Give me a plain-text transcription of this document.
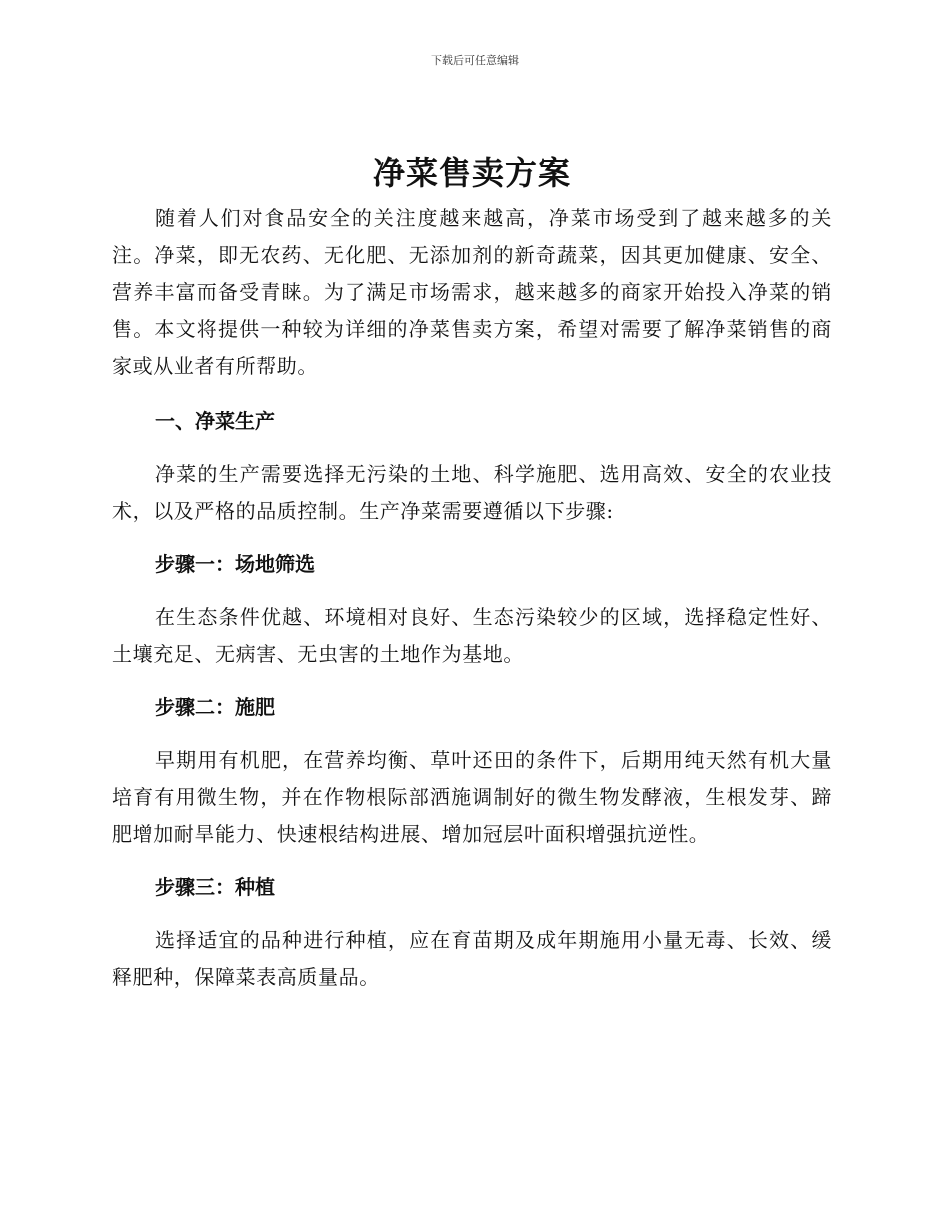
下载后可任意编辑
净菜售卖方案

随着人们对食品安全的关注度越来越高，净菜市场受到了越来越多的关注。净菜，即无农药、无化肥、无添加剂的新奇蔬菜，因其更加健康、安全、营养丰富而备受青睐。为了满足市场需求，越来越多的商家开始投入净菜的销售。本文将提供一种较为详细的净菜售卖方案，希望对需要了解净菜销售的商家或从业者有所帮助。

一、净菜生产

净菜的生产需要选择无污染的土地、科学施肥、选用高效、安全的农业技术，以及严格的品质控制。生产净菜需要遵循以下步骤:

步骤一：场地筛选

在生态条件优越、环境相对良好、生态污染较少的区域，选择稳定性好、土壤充足、无病害、无虫害的土地作为基地。

步骤二：施肥

早期用有机肥，在营养均衡、草叶还田的条件下，后期用纯天然有机大量培育有用微生物，并在作物根际部洒施调制好的微生物发酵液，生根发芽、蹄肥增加耐旱能力、快速根结构进展、增加冠层叶面积增强抗逆性。

步骤三：种植

选择适宜的品种进行种植，应在育苗期及成年期施用小量无毒、长效、缓释肥种，保障菜表高质量品。
